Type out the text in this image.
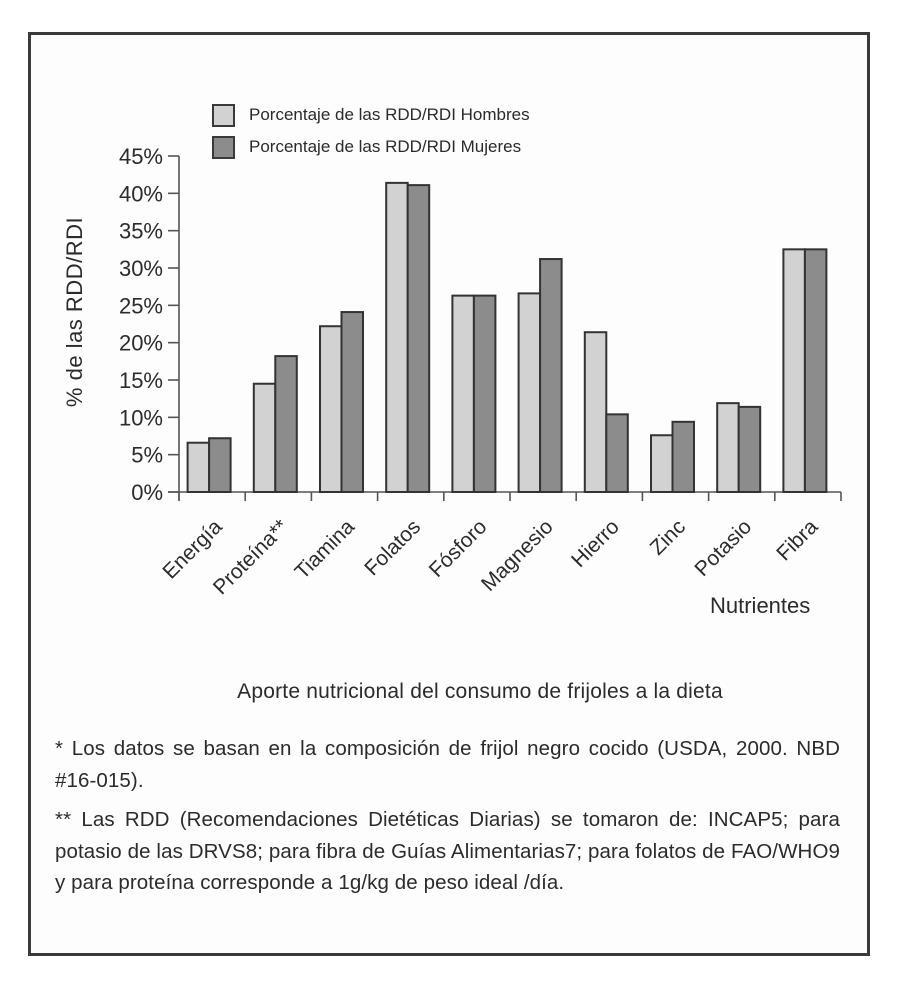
0%
5%
10%
15%
20%
25%
30%
35%
40%
45%
Energía
Proteína**
Tiamina Folatos Fósforo
Magnesio Hierro Zinc Potasio Fibra
Porcentaje de las RDD/RDI Hombres
Porcentaje de las RDD/RDI Mujeres
% de las RDD/RDI
Nutrientes
Aporte nutricional del consumo de frijoles a la dieta

* Los datos se basan en la composición de frijol negro cocido (USDA, 2000. NBD #16-015).

** Las RDD (Recomendaciones Dietéticas Diarias) se tomaron de: INCAP5; para potasio de las DRVS8; para fibra de Guías Alimentarias7; para folatos de FAO/WHO9 y para proteína corresponde a 1g/kg de peso ideal /día.
